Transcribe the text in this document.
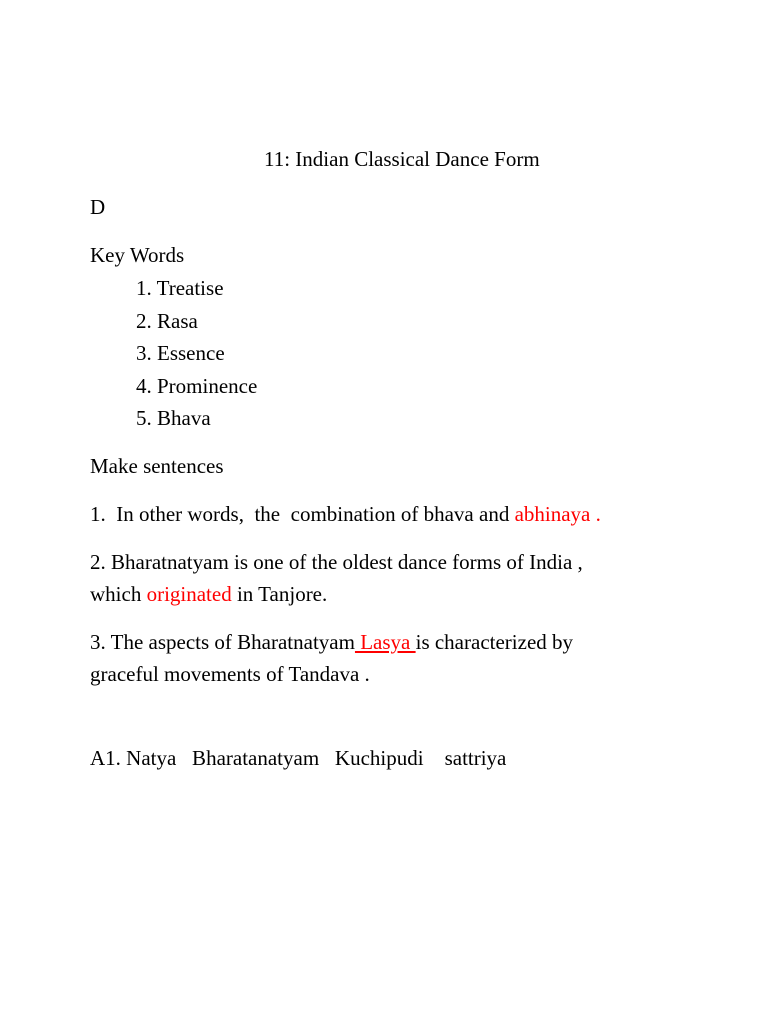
11: Indian Classical Dance Form
D
Key Words
1. Treatise
2. Rasa
3. Essence
4. Prominence
5. Bhava
Make sentences
1.  In other words,  the  combination of bhava and abhinaya .
2. Bharatnatyam is one of the oldest dance forms of India ,
which originated in Tanjore.
3. The aspects of Bharatnatyam Lasya is characterized by
graceful movements of Tandava .
A1. Natya   Bharatanatyam   Kuchipudi    sattriya
